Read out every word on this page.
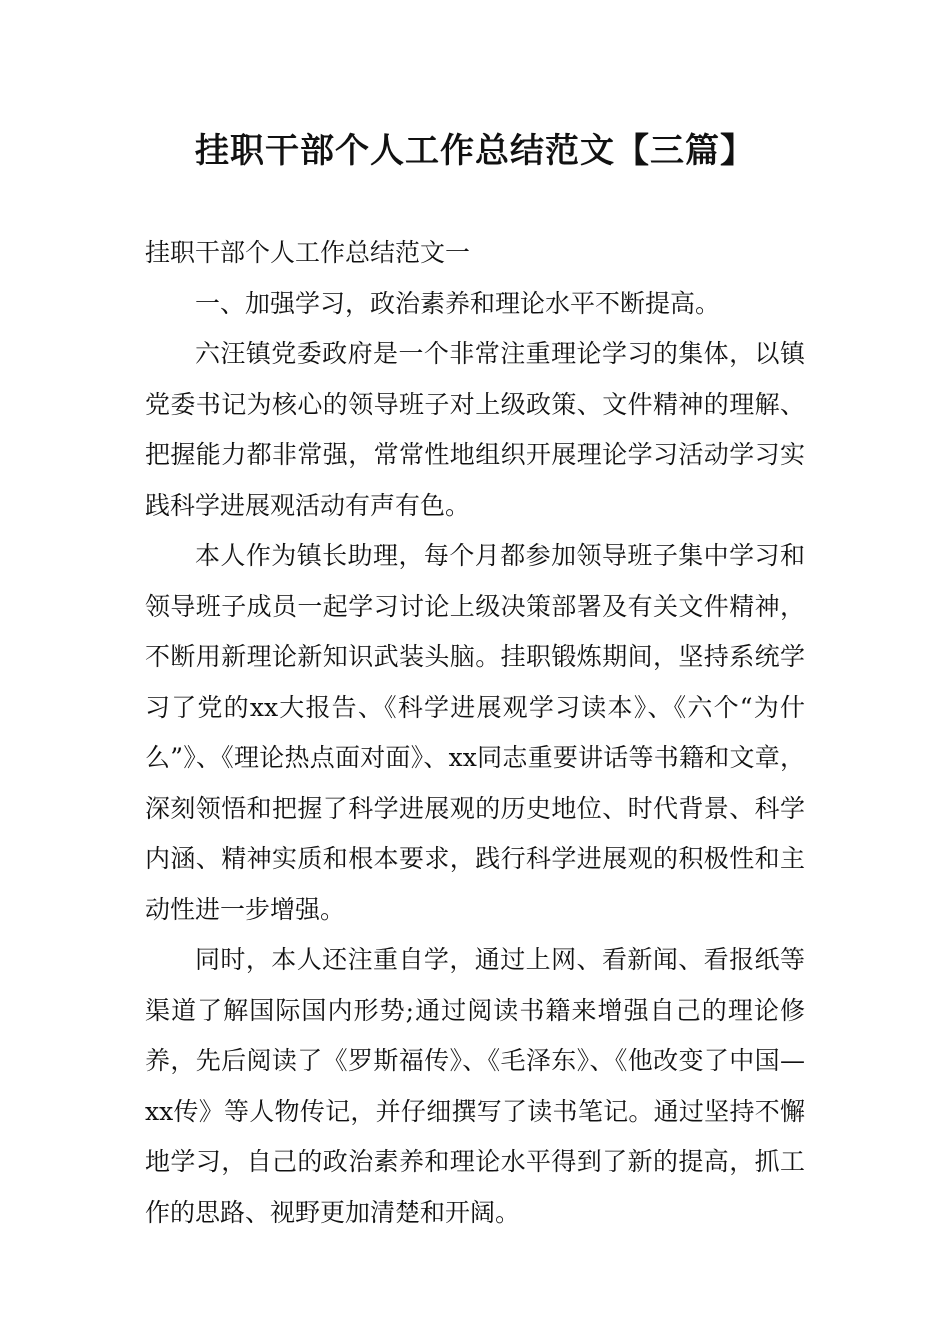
挂职干部个人工作总结范文【三篇】

挂职干部个人工作总结范文一

一、加强学习，政治素养和理论水平不断提高。

六汪镇党委政府是一个非常注重理论学习的集体，以镇党委书记为核心的领导班子对上级政策、文件精神的理解、把握能力都非常强，常常性地组织开展理论学习活动学习实践科学进展观活动有声有色。

本人作为镇长助理，每个月都参加领导班子集中学习和领导班子成员一起学习讨论上级决策部署及有关文件精神，不断用新理论新知识武装头脑。挂职锻炼期间，坚持系统学习了党的xx大报告、《科学进展观学习读本》、《六个“为什么”》、《理论热点面对面》、xx同志重要讲话等书籍和文章，深刻领悟和把握了科学进展观的历史地位、时代背景、科学内涵、精神实质和根本要求，践行科学进展观的积极性和主动性进一步增强。

同时，本人还注重自学，通过上网、看新闻、看报纸等渠道了解国际国内形势;通过阅读书籍来增强自己的理论修养，先后阅读了《罗斯福传》、《毛泽东》、《他改变了中国—xx传》等人物传记，并仔细撰写了读书笔记。通过坚持不懈地学习，自己的政治素养和理论水平得到了新的提高，抓工作的思路、视野更加清楚和开阔。
